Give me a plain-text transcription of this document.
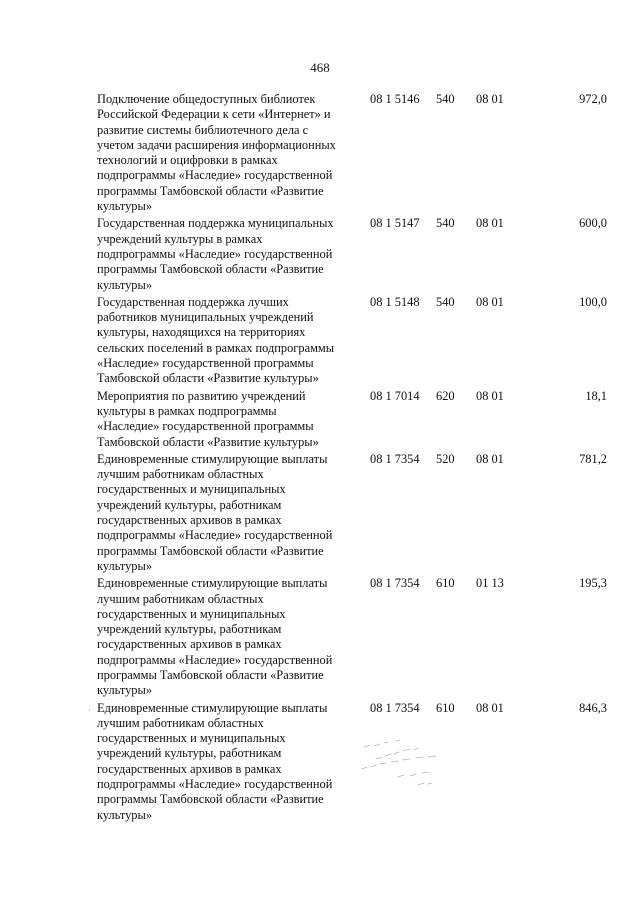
468
Подключение общедоступных библиотек
Российской Федерации к сети «Интернет» и
развитие системы библиотечного дела с
учетом задачи расширения информационных
технологий и оцифровки в рамках
подпрограммы «Наследие» государственной
программы Тамбовской области «Развитие
культуры»
08 1 5146	540	08 01	972,0
Государственная поддержка муниципальных
учреждений культуры в рамках
подпрограммы «Наследие» государственной
программы Тамбовской области «Развитие
культуры»
08 1 5147	540	08 01	600,0
Государственная поддержка лучших
работников муниципальных учреждений
культуры, находящихся на территориях
сельских поселений в рамках подпрограммы
«Наследие» государственной программы
Тамбовской области «Развитие культуры»
08 1 5148	540	08 01	100,0
Мероприятия по развитию учреждений
культуры в рамках подпрограммы
«Наследие» государственной программы
Тамбовской области «Развитие культуры»
08 1 7014	620	08 01	18,1
Единовременные стимулирующие выплаты
лучшим работникам областных
государственных и муниципальных
учреждений культуры, работникам
государственных архивов в рамках
подпрограммы «Наследие» государственной
программы Тамбовской области «Развитие
культуры»
08 1 7354	520	08 01	781,2
Единовременные стимулирующие выплаты
лучшим работникам областных
государственных и муниципальных
учреждений культуры, работникам
государственных архивов в рамках
подпрограммы «Наследие» государственной
программы Тамбовской области «Развитие
культуры»
08 1 7354	610	01 13	195,3
Единовременные стимулирующие выплаты
лучшим работникам областных
государственных и муниципальных
учреждений культуры, работникам
государственных архивов в рамках
подпрограммы «Наследие» государственной
программы Тамбовской области «Развитие
культуры»
08 1 7354	610	08 01	846,3
·
